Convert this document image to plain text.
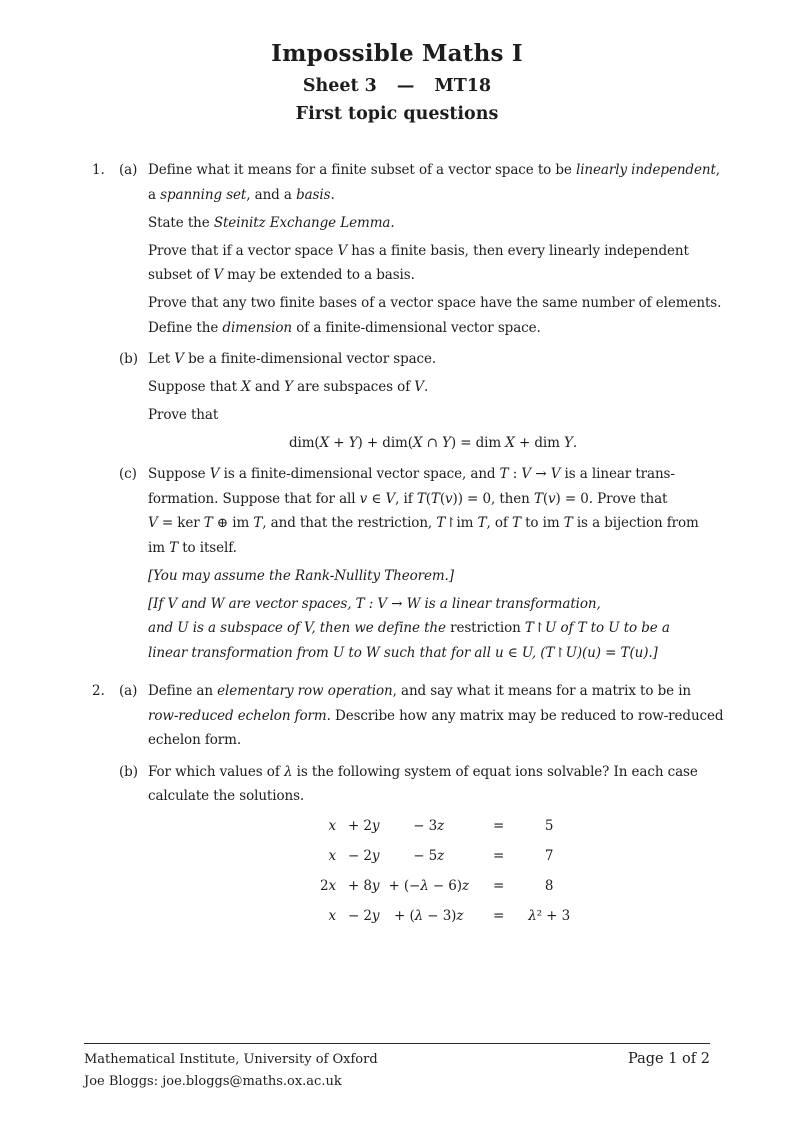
Impossible Maths I
Sheet 3 — MT18
First topic questions
1.	(a) Define what it means for a finite subset of a vector space to be linearly independent,
a spanning set, and a basis.
State the Steinitz Exchange Lemma.
Prove that if a vector space V has a finite basis, then every linearly independent
subset of V may be extended to a basis.
Prove that any two finite bases of a vector space have the same number of elements.
Define the dimension of a finite-dimensional vector space.
(b) Let V be a finite-dimensional vector space.
Suppose that X and Y are subspaces of V.
Prove that
dim(X + Y) + dim(X ∩ Y) = dim X + dim Y.
(c) Suppose V is a finite-dimensional vector space, and T : V → V is a linear trans-
formation. Suppose that for all v ∈ V, if T(T(v)) = 0, then T(v) = 0. Prove that
V = ker T ⊕ im T, and that the restriction, T↾im T, of T to im T is a bijection from
im T to itself.
[You may assume the Rank-Nullity Theorem.]
[If V and W are vector spaces, T : V → W is a linear transformation,
and U is a subspace of V, then we define the restriction T↾U of T to U to be a
linear transformation from U to W such that for all u ∈ U, (T↾U)(u) = T(u).]
2.	(a) Define an elementary row operation, and say what it means for a matrix to be in
row-reduced echelon form. Describe how any matrix may be reduced to row-reduced
echelon form.
(b) For which values of λ is the following system of equat ions solvable? In each case
calculate the solutions.
x + 2y	− 3z	=	5
x − 2y	− 5z	=	7
2x + 8y + (−λ − 6)z	=	8
x − 2y	+ (λ − 3)z	=	λ² + 3
Mathematical Institute, University of Oxford
Joe Bloggs: joe.bloggs@maths.ox.ac.uk
Page 1 of 2
